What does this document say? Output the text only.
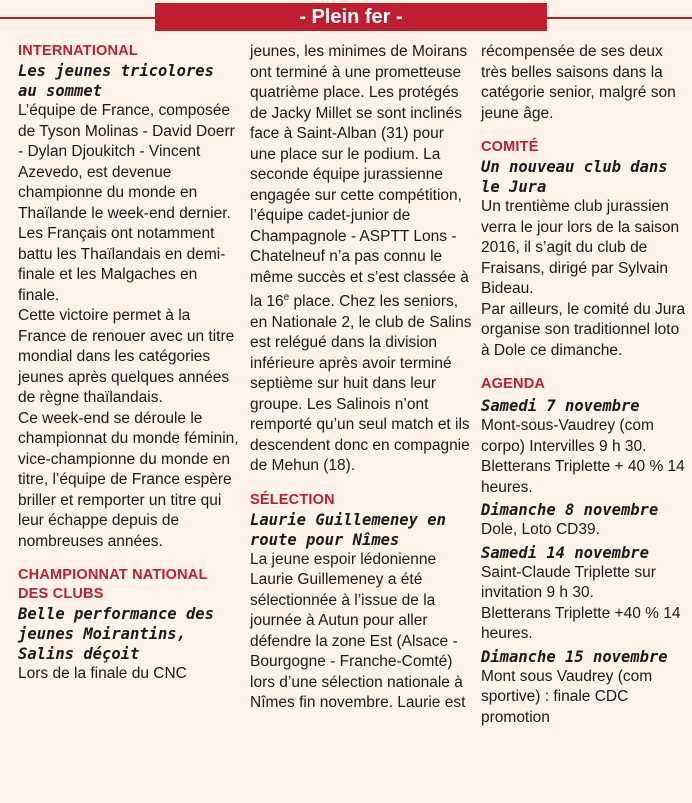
- Plein fer -
INTERNATIONAL
Les jeunes tricolores au sommet

L’équipe de France, composée de Tyson Molinas - David Doerr - Dylan Djoukitch - Vincent Azevedo, est devenue championne du monde en Thaïlande le week-end dernier. Les Français ont notamment battu les Thaïlandais en demi-finale et les Malgaches en finale.

Cette victoire permet à la France de renouer avec un titre mondial dans les catégories jeunes après quelques années de règne thaïlandais.

Ce week-end se déroule le championnat du monde féminin, vice-championne du monde en titre, l’équipe de France espère briller et remporter un titre qui leur échappe depuis de nombreuses années.

CHAMPIONNAT NATIONAL DES CLUBS
Belle performance des jeunes Moirantins, Salins déçoit

Lors de la finale du CNC

jeunes, les minimes de Moirans ont terminé à une prometteuse quatrième place. Les protégés de Jacky Millet se sont inclinés face à Saint-Alban (31) pour une place sur le podium. La seconde équipe jurassienne engagée sur cette compétition, l’équipe cadet-junior de Champagnole - ASPTT Lons - Chatelneuf n’a pas connu le même succès et s’est classée à la 16e place. Chez les seniors, en Nationale 2, le club de Salins est relégué dans la division inférieure après avoir terminé septième sur huit dans leur groupe. Les Salinois n’ont remporté qu’un seul match et ils descendent donc en compagnie de Mehun (18).

SÉLECTION
Laurie Guillemeney en route pour Nîmes

La jeune espoir lédonienne Laurie Guillemeney a été sélectionnée à l’issue de la journée à Autun pour aller défendre la zone Est (Alsace - Bourgogne - Franche-Comté) lors d’une sélection nationale à Nîmes fin novembre. Laurie est

récompensée de ses deux très belles saisons dans la catégorie senior, malgré son jeune âge.

COMITÉ
Un nouveau club dans le Jura

Un trentième club jurassien verra le jour lors de la saison 2016, il s’agit du club de Fraisans, dirigé par Sylvain Bideau.

Par ailleurs, le comité du Jura organise son traditionnel loto à Dole ce dimanche.

AGENDA
Samedi 7 novembre

Mont-sous-Vaudrey (com corpo) Intervilles 9 h 30.

Bletterans Triplette + 40 % 14 heures.

Dimanche 8 novembre

Dole, Loto CD39.

Samedi 14 novembre

Saint-Claude Triplette sur invitation 9 h 30.

Bletterans Triplette +40 % 14 heures.

Dimanche 15 novembre

Mont sous Vaudrey (com sportive) : finale CDC promotion
